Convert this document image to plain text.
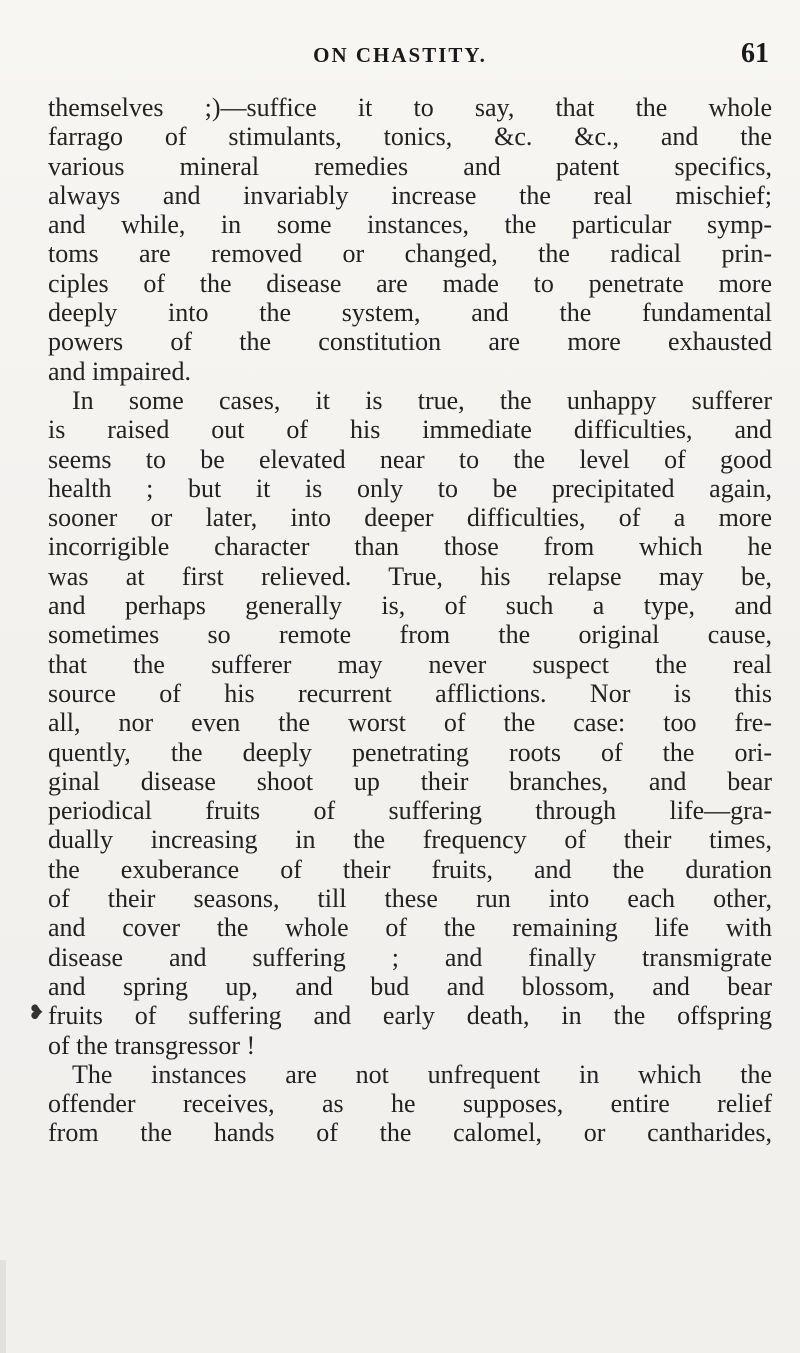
ON CHASTITY.	61
themselves ;)—suffice it to say, that the whole
farrago of stimulants, tonics, &c. &c., and the
various mineral remedies and patent specifics,
always and invariably increase the real mischief;
and while, in some instances, the particular symp-
toms are removed or changed, the radical prin-
ciples of the disease are made to penetrate more
deeply into the system, and the fundamental
powers of the constitution are more exhausted
and impaired.
In some cases, it is true, the unhappy sufferer
is raised out of his immediate difficulties, and
seems to be elevated near to the level of good
health ; but it is only to be precipitated again,
sooner or later, into deeper difficulties, of a more
incorrigible character than those from which he
was at first relieved. True, his relapse may be,
and perhaps generally is, of such a type, and
sometimes so remote from the original cause,
that the sufferer may never suspect the real
source of his recurrent afflictions. Nor is this
all, nor even the worst of the case: too fre-
quently, the deeply penetrating roots of the ori-
ginal disease shoot up their branches, and bear
periodical fruits of suffering through life—gra-
dually increasing in the frequency of their times,
the exuberance of their fruits, and the duration
of their seasons, till these run into each other,
and cover the whole of the remaining life with
disease and suffering ; and finally transmigrate
and spring up, and bud and blossom, and bear
fruits of suffering and early death, in the offspring
of the transgressor !
The instances are not unfrequent in which the
offender receives, as he supposes, entire relief
from the hands of the calomel, or cantharides,
❥
